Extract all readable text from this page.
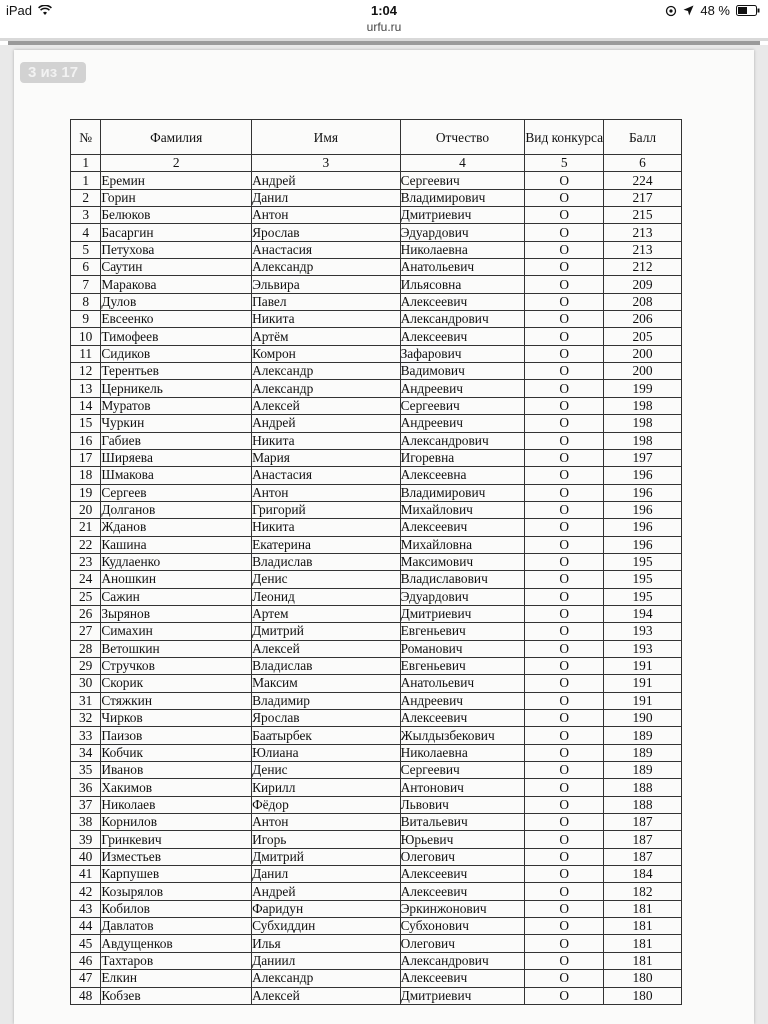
iPad	1:04	48 %
urfu.ru
3 из 17
№	Фамилия	Имя	Отчество	Вид конкурса	Балл
1	2	3	4	5	6
1	Еремин	Андрей	Сергеевич	О	224
2	Горин	Данил	Владимирович	О	217
3	Белюков	Антон	Дмитриевич	О	215
4	Басаргин	Ярослав	Эдуардович	О	213
5	Петухова	Анастасия	Николаевна	О	213
6	Саутин	Александр	Анатольевич	О	212
7	Маракова	Эльвира	Ильясовна	О	209
8	Дулов	Павел	Алексеевич	О	208
9	Евсеенко	Никита	Александрович	О	206
10	Тимофеев	Артём	Алексеевич	О	205
11	Сидиков	Комрон	Зафарович	О	200
12	Терентьев	Александр	Вадимович	О	200
13	Церникель	Александр	Андреевич	О	199
14	Муратов	Алексей	Сергеевич	О	198
15	Чуркин	Андрей	Андреевич	О	198
16	Габиев	Никита	Александрович	О	198
17	Ширяева	Мария	Игоревна	О	197
18	Шмакова	Анастасия	Алексеевна	О	196
19	Сергеев	Антон	Владимирович	О	196
20	Долганов	Григорий	Михайлович	О	196
21	Жданов	Никита	Алексеевич	О	196
22	Кашина	Екатерина	Михайловна	О	196
23	Кудлаенко	Владислав	Максимович	О	195
24	Аношкин	Денис	Владиславович	О	195
25	Сажин	Леонид	Эдуардович	О	195
26	Зырянов	Артем	Дмитриевич	О	194
27	Симахин	Дмитрий	Евгеньевич	О	193
28	Ветошкин	Алексей	Романович	О	193
29	Стручков	Владислав	Евгеньевич	О	191
30	Скорик	Максим	Анатольевич	О	191
31	Стяжкин	Владимир	Андреевич	О	191
32	Чирков	Ярослав	Алексеевич	О	190
33	Паизов	Баатырбек	Жылдызбекович	О	189
34	Кобчик	Юлиана	Николаевна	О	189
35	Иванов	Денис	Сергеевич	О	189
36	Хакимов	Кирилл	Антонович	О	188
37	Николаев	Фёдор	Львович	О	188
38	Корнилов	Антон	Витальевич	О	187
39	Гринкевич	Игорь	Юрьевич	О	187
40	Изместьев	Дмитрий	Олегович	О	187
41	Карпушев	Данил	Алексеевич	О	184
42	Козырялов	Андрей	Алексеевич	О	182
43	Кобилов	Фаридун	Эркинжонович	О	181
44	Давлатов	Субхиддин	Субхонович	О	181
45	Авдущенков	Илья	Олегович	О	181
46	Тахтаров	Даниил	Александрович	О	181
47	Елкин	Александр	Алексеевич	О	180
48	Кобзев	Алексей	Дмитриевич	О	180
